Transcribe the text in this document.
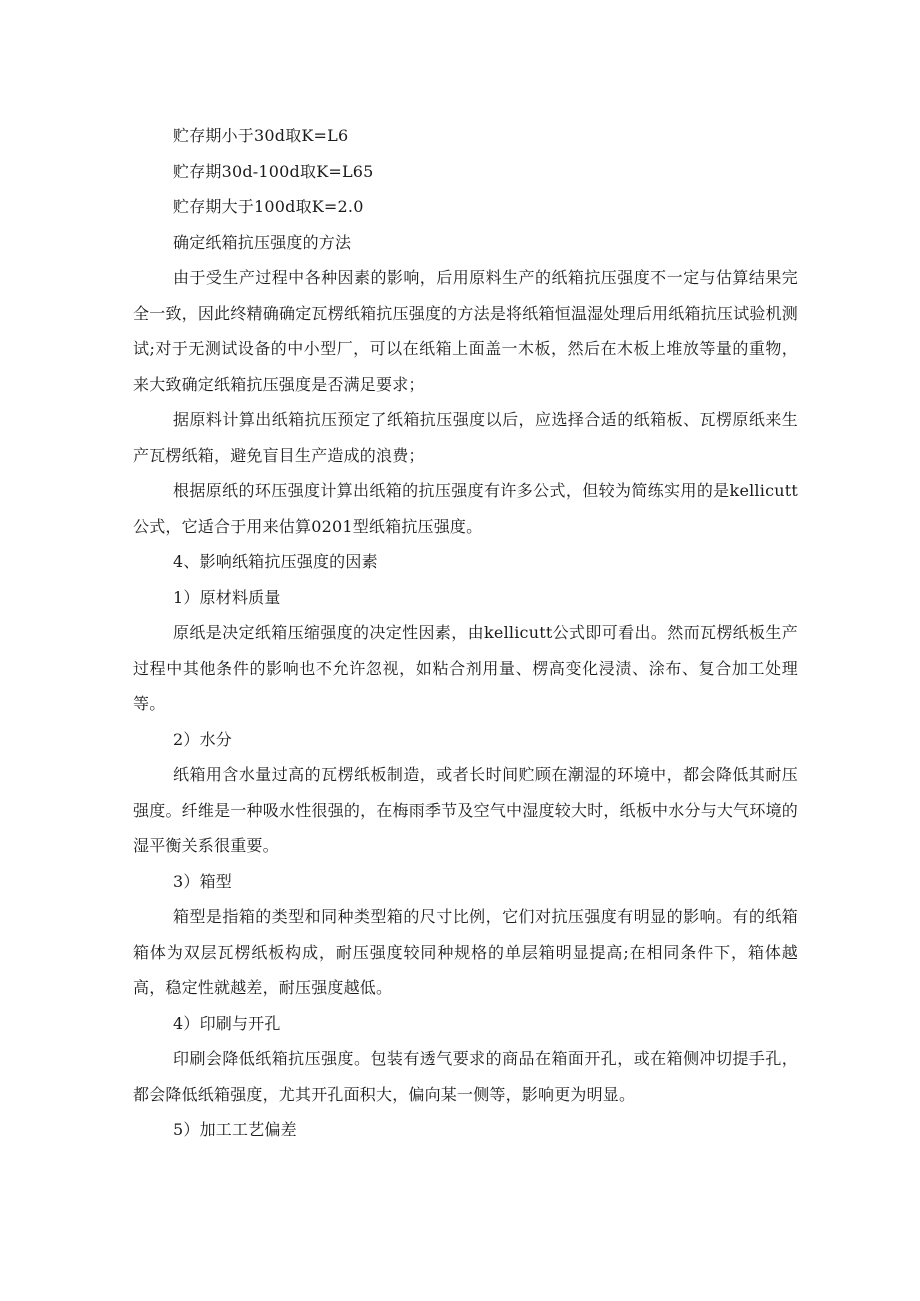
贮存期小于30d取K=L6

贮存期30d-100d取K=L65

贮存期大于100d取K=2.0

确定纸箱抗压强度的方法

由于受生产过程中各种因素的影响，后用原料生产的纸箱抗压强度不一定与估算结果完全一致，因此终精确确定瓦楞纸箱抗压强度的方法是将纸箱恒温湿处理后用纸箱抗压试验机测试;对于无测试设备的中小型厂，可以在纸箱上面盖一木板，然后在木板上堆放等量的重物，来大致确定纸箱抗压强度是否满足要求；

据原料计算出纸箱抗压预定了纸箱抗压强度以后，应选择合适的纸箱板、瓦楞原纸来生产瓦楞纸箱，避免盲目生产造成的浪费；

根据原纸的环压强度计算出纸箱的抗压强度有许多公式，但较为简练实用的是kellicutt公式，它适合于用来估算0201型纸箱抗压强度。

4、影响纸箱抗压强度的因素

1）原材料质量

原纸是决定纸箱压缩强度的决定性因素，由kellicutt公式即可看出。然而瓦楞纸板生产过程中其他条件的影响也不允许忽视，如粘合剂用量、楞高变化浸渍、涂布、复合加工处理等。

2）水分

纸箱用含水量过高的瓦楞纸板制造，或者长时间贮顾在潮湿的环境中，都会降低其耐压强度。纤维是一种吸水性很强的，在梅雨季节及空气中湿度较大时，纸板中水分与大气环境的湿平衡关系很重要。

3）箱型

箱型是指箱的类型和同种类型箱的尺寸比例，它们对抗压强度有明显的影响。有的纸箱箱体为双层瓦楞纸板构成，耐压强度较同种规格的单层箱明显提高;在相同条件下，箱体越高，稳定性就越差，耐压强度越低。

4）印刷与开孔

印刷会降低纸箱抗压强度。包装有透气要求的商品在箱面开孔，或在箱侧冲切提手孔，都会降低纸箱强度，尤其开孔面积大，偏向某一侧等，影响更为明显。

5）加工工艺偏差
